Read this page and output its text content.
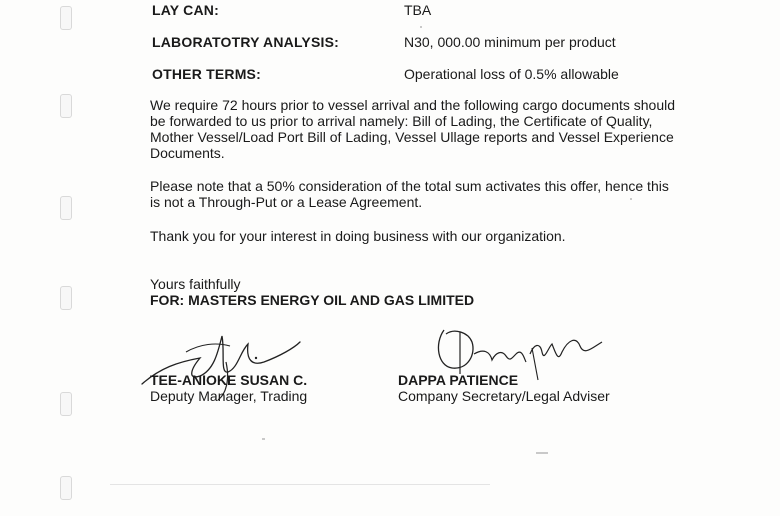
LAY CAN:	TBA
LABORATOTRY ANALYSIS:	N30, 000.00 minimum per product
OTHER TERMS:	Operational loss of 0.5% allowable
We require 72 hours prior to vessel arrival and the following cargo documents should
be forwarded to us prior to arrival namely: Bill of Lading, the Certificate of Quality,
Mother Vessel/Load Port Bill of Lading, Vessel Ullage reports and Vessel Experience
Documents.
Please note that a 50% consideration of the total sum activates this offer, hence this
is not a Through-Put or a Lease Agreement.
Thank you for your interest in doing business with our organization.
Yours faithfully
FOR: MASTERS ENERGY OIL AND GAS LIMITED
TEE-ANIOKE SUSAN C.
Deputy Manager, Trading
DAPPA PATIENCE
Company Secretary/Legal Adviser
